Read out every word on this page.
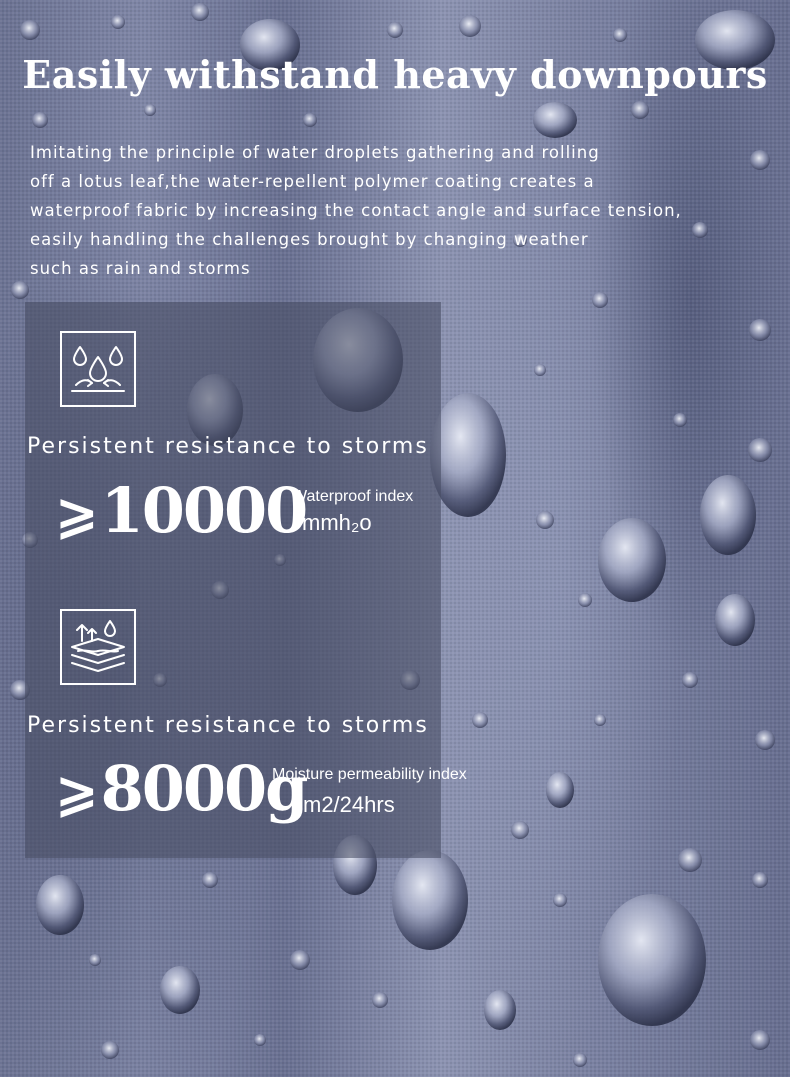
Easily withstand heavy downpours

Imitating the principle of water droplets gathering and rolling
off a lotus leaf,the water-repellent polymer coating creates a
waterproof fabric by increasing the contact angle and surface tension,
easily handling the challenges brought by changing weather
such as rain and storms

Persistent resistance to storms

⩾10000

Waterproof index

mmh₂o

Persistent resistance to storms

⩾8000g

Moisture permeability index

m2/24hrs
